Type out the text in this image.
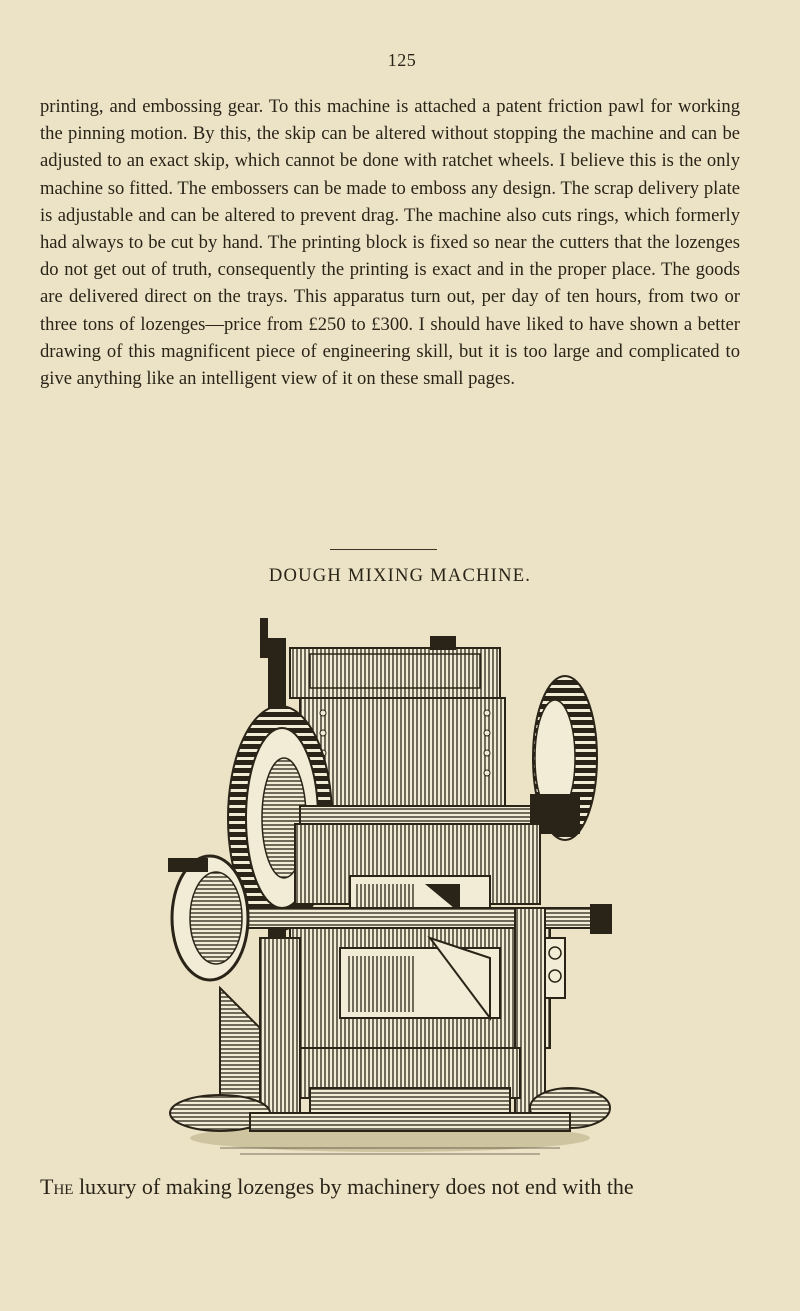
125

printing, and embossing gear. To this machine is attached a patent friction pawl for working the pinning motion. By this, the skip can be altered without stopping the machine and can be adjusted to an exact skip, which cannot be done with ratchet wheels. I believe this is the only machine so fitted. The embossers can be made to emboss any design. The scrap delivery plate is adjustable and can be altered to prevent drag. The machine also cuts rings, which formerly had always to be cut by hand. The printing block is fixed so near the cutters that the lozenges do not get out of truth, consequently the printing is exact and in the proper place. The goods are delivered direct on the trays. This apparatus turn out, per day of ten hours, from two or three tons of lozenges—price from £250 to £300. I should have liked to have shown a better drawing of this magnificent piece of engineering skill, but it is too large and complicated to give anything like an intelligent view of it on these small pages.

DOUGH MIXING MACHINE.
The luxury of making lozenges by machinery does not end with the
